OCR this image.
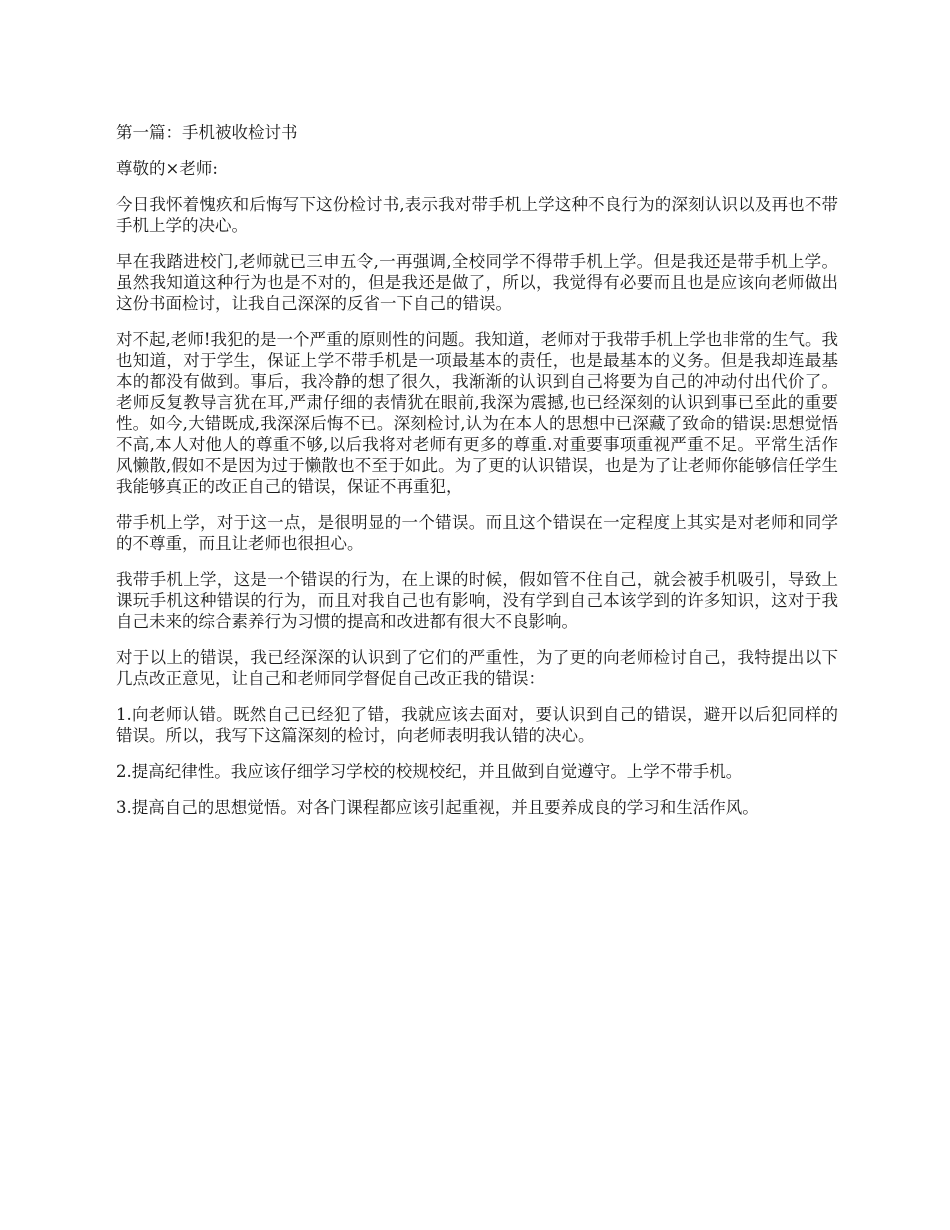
第一篇：手机被收检讨书

尊敬的×老师:

今日我怀着愧疚和后悔写下这份检讨书,表示我对带手机上学这种不良行为的深刻认识以及再也不带手机上学的决心。

早在我踏进校门,老师就已三申五令,一再强调,全校同学不得带手机上学。但是我还是带手机上学。虽然我知道这种行为也是不对的，但是我还是做了，所以，我觉得有必要而且也是应该向老师做出这份书面检讨，让我自己深深的反省一下自己的错误。

对不起,老师!我犯的是一个严重的原则性的问题。我知道，老师对于我带手机上学也非常的生气。我也知道，对于学生，保证上学不带手机是一项最基本的责任，也是最基本的义务。但是我却连最基本的都没有做到。事后，我冷静的想了很久，我渐渐的认识到自己将要为自己的冲动付出代价了。老师反复教导言犹在耳,严肃仔细的表情犹在眼前,我深为震撼,也已经深刻的认识到事已至此的重要性。如今,大错既成,我深深后悔不已。深刻检讨,认为在本人的思想中已深藏了致命的错误:思想觉悟不高,本人对他人的尊重不够,以后我将对老师有更多的尊重.对重要事项重视严重不足。平常生活作风懒散,假如不是因为过于懒散也不至于如此。为了更的认识错误，也是为了让老师你能够信任学生我能够真正的改正自己的错误，保证不再重犯，

带手机上学，对于这一点，是很明显的一个错误。而且这个错误在一定程度上其实是对老师和同学的不尊重，而且让老师也很担心。

我带手机上学，这是一个错误的行为，在上课的时候，假如管不住自己，就会被手机吸引，导致上课玩手机这种错误的行为，而且对我自己也有影响，没有学到自己本该学到的许多知识，这对于我自己未来的综合素养行为习惯的提高和改进都有很大不良影响。

对于以上的错误，我已经深深的认识到了它们的严重性，为了更的向老师检讨自己，我特提出以下几点改正意见，让自己和老师同学督促自己改正我的错误：

1.向老师认错。既然自己已经犯了错，我就应该去面对，要认识到自己的错误，避开以后犯同样的错误。所以，我写下这篇深刻的检讨，向老师表明我认错的决心。

2.提高纪律性。我应该仔细学习学校的校规校纪，并且做到自觉遵守。上学不带手机。

3.提高自己的思想觉悟。对各门课程都应该引起重视，并且要养成良的学习和生活作风。
